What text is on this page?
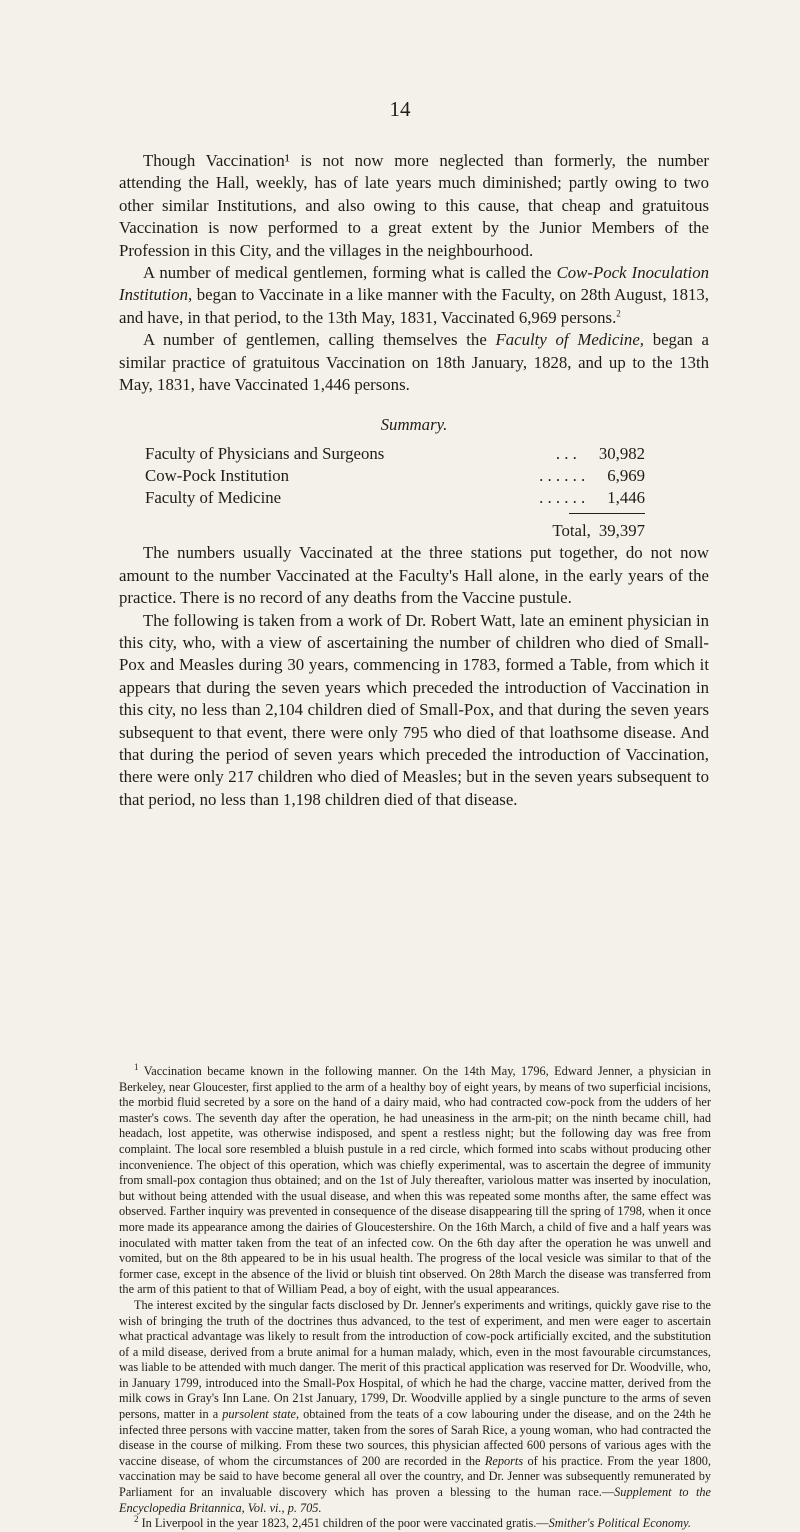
14

Though Vaccination¹ is not now more neglected than formerly, the number attending the Hall, weekly, has of late years much diminished; partly owing to two other similar Institutions, and also owing to this cause, that cheap and gratuitous Vaccination is now performed to a great extent by the Junior Members of the Profession in this City, and the villages in the neighbourhood.

A number of medical gentlemen, forming what is called the Cow-Pock Inoculation Institution, began to Vaccinate in a like manner with the Faculty, on 28th August, 1813, and have, in that period, to the 13th May, 1831, Vaccinated 6,969 persons.$^2$

A number of gentlemen, calling themselves the Faculty of Medicine, began a similar practice of gratuitous Vaccination on 18th January, 1828, and up to the 13th May, 1831, have Vaccinated 1,446 persons.

Summary.
Faculty of Physicians and Surgeons	. . .	30,982
Cow-Pock Institution	. . . . . .	6,969
Faculty of Medicine	. . . . . .	1,446
Total, 39,397

The numbers usually Vaccinated at the three stations put together, do not now amount to the number Vaccinated at the Faculty's Hall alone, in the early years of the practice. There is no record of any deaths from the Vaccine pustule.

The following is taken from a work of Dr. Robert Watt, late an eminent physician in this city, who, with a view of ascertaining the number of children who died of Small-Pox and Measles during 30 years, commencing in 1783, formed a Table, from which it appears that during the seven years which preceded the introduction of Vaccination in this city, no less than 2,104 children died of Small-Pox, and that during the seven years subsequent to that event, there were only 795 who died of that loathsome disease. And that during the period of seven years which preceded the introduction of Vaccination, there were only 217 children who died of Measles; but in the seven years subsequent to that period, no less than 1,198 children died of that disease.

$^1$ Vaccination became known in the following manner. On the 14th May, 1796, Edward Jenner, a physician in Berkeley, near Gloucester, first applied to the arm of a healthy boy of eight years, by means of two superficial incisions, the morbid fluid secreted by a sore on the hand of a dairy maid, who had contracted cow-pock from the udders of her master's cows. The seventh day after the operation, he had uneasiness in the arm-pit; on the ninth became chill, had headach, lost appetite, was otherwise indisposed, and spent a restless night; but the following day was free from complaint. The local sore resembled a bluish pustule in a red circle, which formed into scabs without producing other inconvenience. The object of this operation, which was chiefly experimental, was to ascertain the degree of immunity from small-pox contagion thus obtained; and on the 1st of July thereafter, variolous matter was inserted by inoculation, but without being attended with the usual disease, and when this was repeated some months after, the same effect was observed. Farther inquiry was prevented in consequence of the disease disappearing till the spring of 1798, when it once more made its appearance among the dairies of Gloucestershire. On the 16th March, a child of five and a half years was inoculated with matter taken from the teat of an infected cow. On the 6th day after the operation he was unwell and vomited, but on the 8th appeared to be in his usual health. The progress of the local vesicle was similar to that of the former case, except in the absence of the livid or bluish tint observed. On 28th March the disease was transferred from the arm of this patient to that of William Pead, a boy of eight, with the usual appearances.

The interest excited by the singular facts disclosed by Dr. Jenner's experiments and writings, quickly gave rise to the wish of bringing the truth of the doctrines thus advanced, to the test of experiment, and men were eager to ascertain what practical advantage was likely to result from the introduction of cow-pock artificially excited, and the substitution of a mild disease, derived from a brute animal for a human malady, which, even in the most favourable circumstances, was liable to be attended with much danger. The merit of this practical application was reserved for Dr. Woodville, who, in January 1799, introduced into the Small-Pox Hospital, of which he had the charge, vaccine matter, derived from the milk cows in Gray's Inn Lane. On 21st January, 1799, Dr. Woodville applied by a single puncture to the arms of seven persons, matter in a pursolent state, obtained from the teats of a cow labouring under the disease, and on the 24th he infected three persons with vaccine matter, taken from the sores of Sarah Rice, a young woman, who had contracted the disease in the course of milking. From these two sources, this physician affected 600 persons of various ages with the vaccine disease, of whom the circumstances of 200 are recorded in the Reports of his practice. From the year 1800, vaccination may be said to have become general all over the country, and Dr. Jenner was subsequently remunerated by Parliament for an invaluable discovery which has proven a blessing to the human race.—Supplement to the Encyclopedia Britannica, Vol. vi., p. 705.

$^2$ In Liverpool in the year 1823, 2,451 children of the poor were vaccinated gratis.—Smither's Political Economy.
